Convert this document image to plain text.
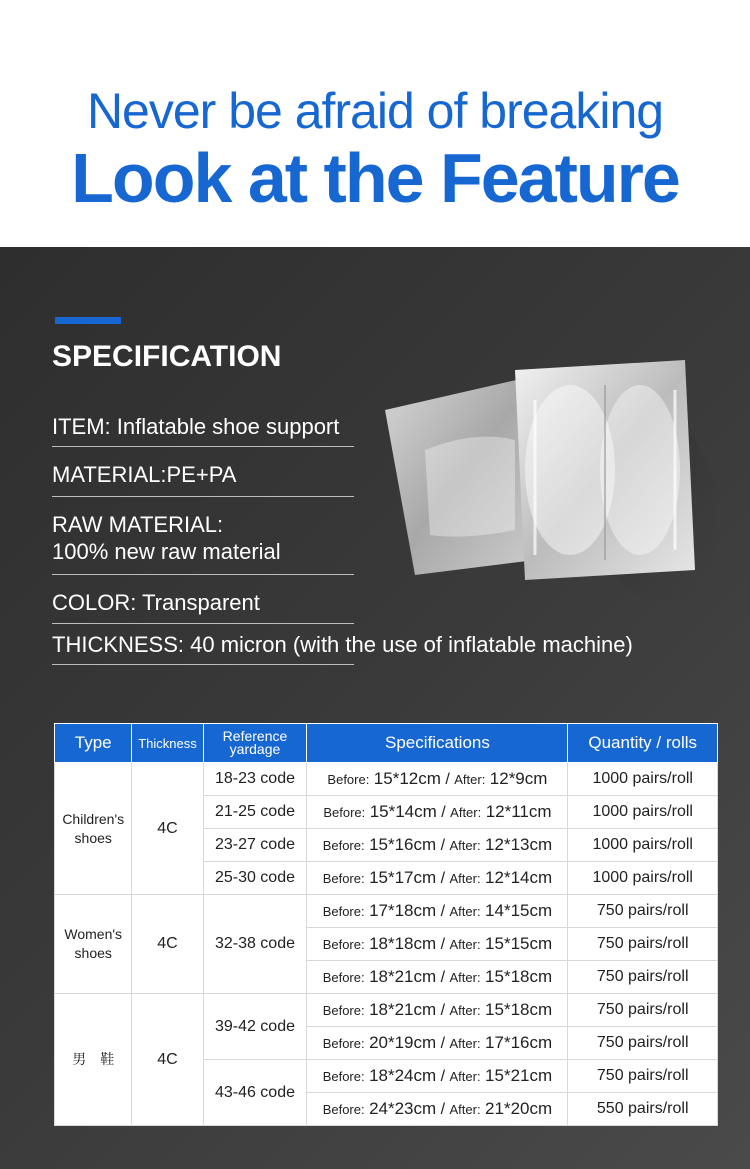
Never be afraid of breaking
Look at the Feature
SPECIFICATION
ITEM: Inflatable shoe support
MATERIAL:PE+PA
RAW MATERIAL:
100% new raw material
COLOR: Transparent
THICKNESS: 40 micron (with the use of inflatable machine)
Type	Thickness	Reference
yardage	Specifications	Quantity / rolls
Children's
shoes	4C	18-23 code	Before: 15*12cm / After: 12*9cm	1000 pairs/roll
		21-25 code	Before: 15*14cm / After: 12*11cm	1000 pairs/roll
		23-27 code	Before: 15*16cm / After: 12*13cm	1000 pairs/roll
		25-30 code	Before: 15*17cm / After: 12*14cm	1000 pairs/roll
Women's
shoes	4C	32-38 code	Before: 17*18cm / After: 14*15cm	750 pairs/roll
			Before: 18*18cm / After: 15*15cm	750 pairs/roll
			Before: 18*21cm / After: 15*18cm	750 pairs/roll
男　鞋	4C	39-42 code	Before: 18*21cm / After: 15*18cm	750 pairs/roll
			Before: 20*19cm / After: 17*16cm	750 pairs/roll
		43-46 code	Before: 18*24cm / After: 15*21cm	750 pairs/roll
			Before: 24*23cm / After: 21*20cm	550 pairs/roll
